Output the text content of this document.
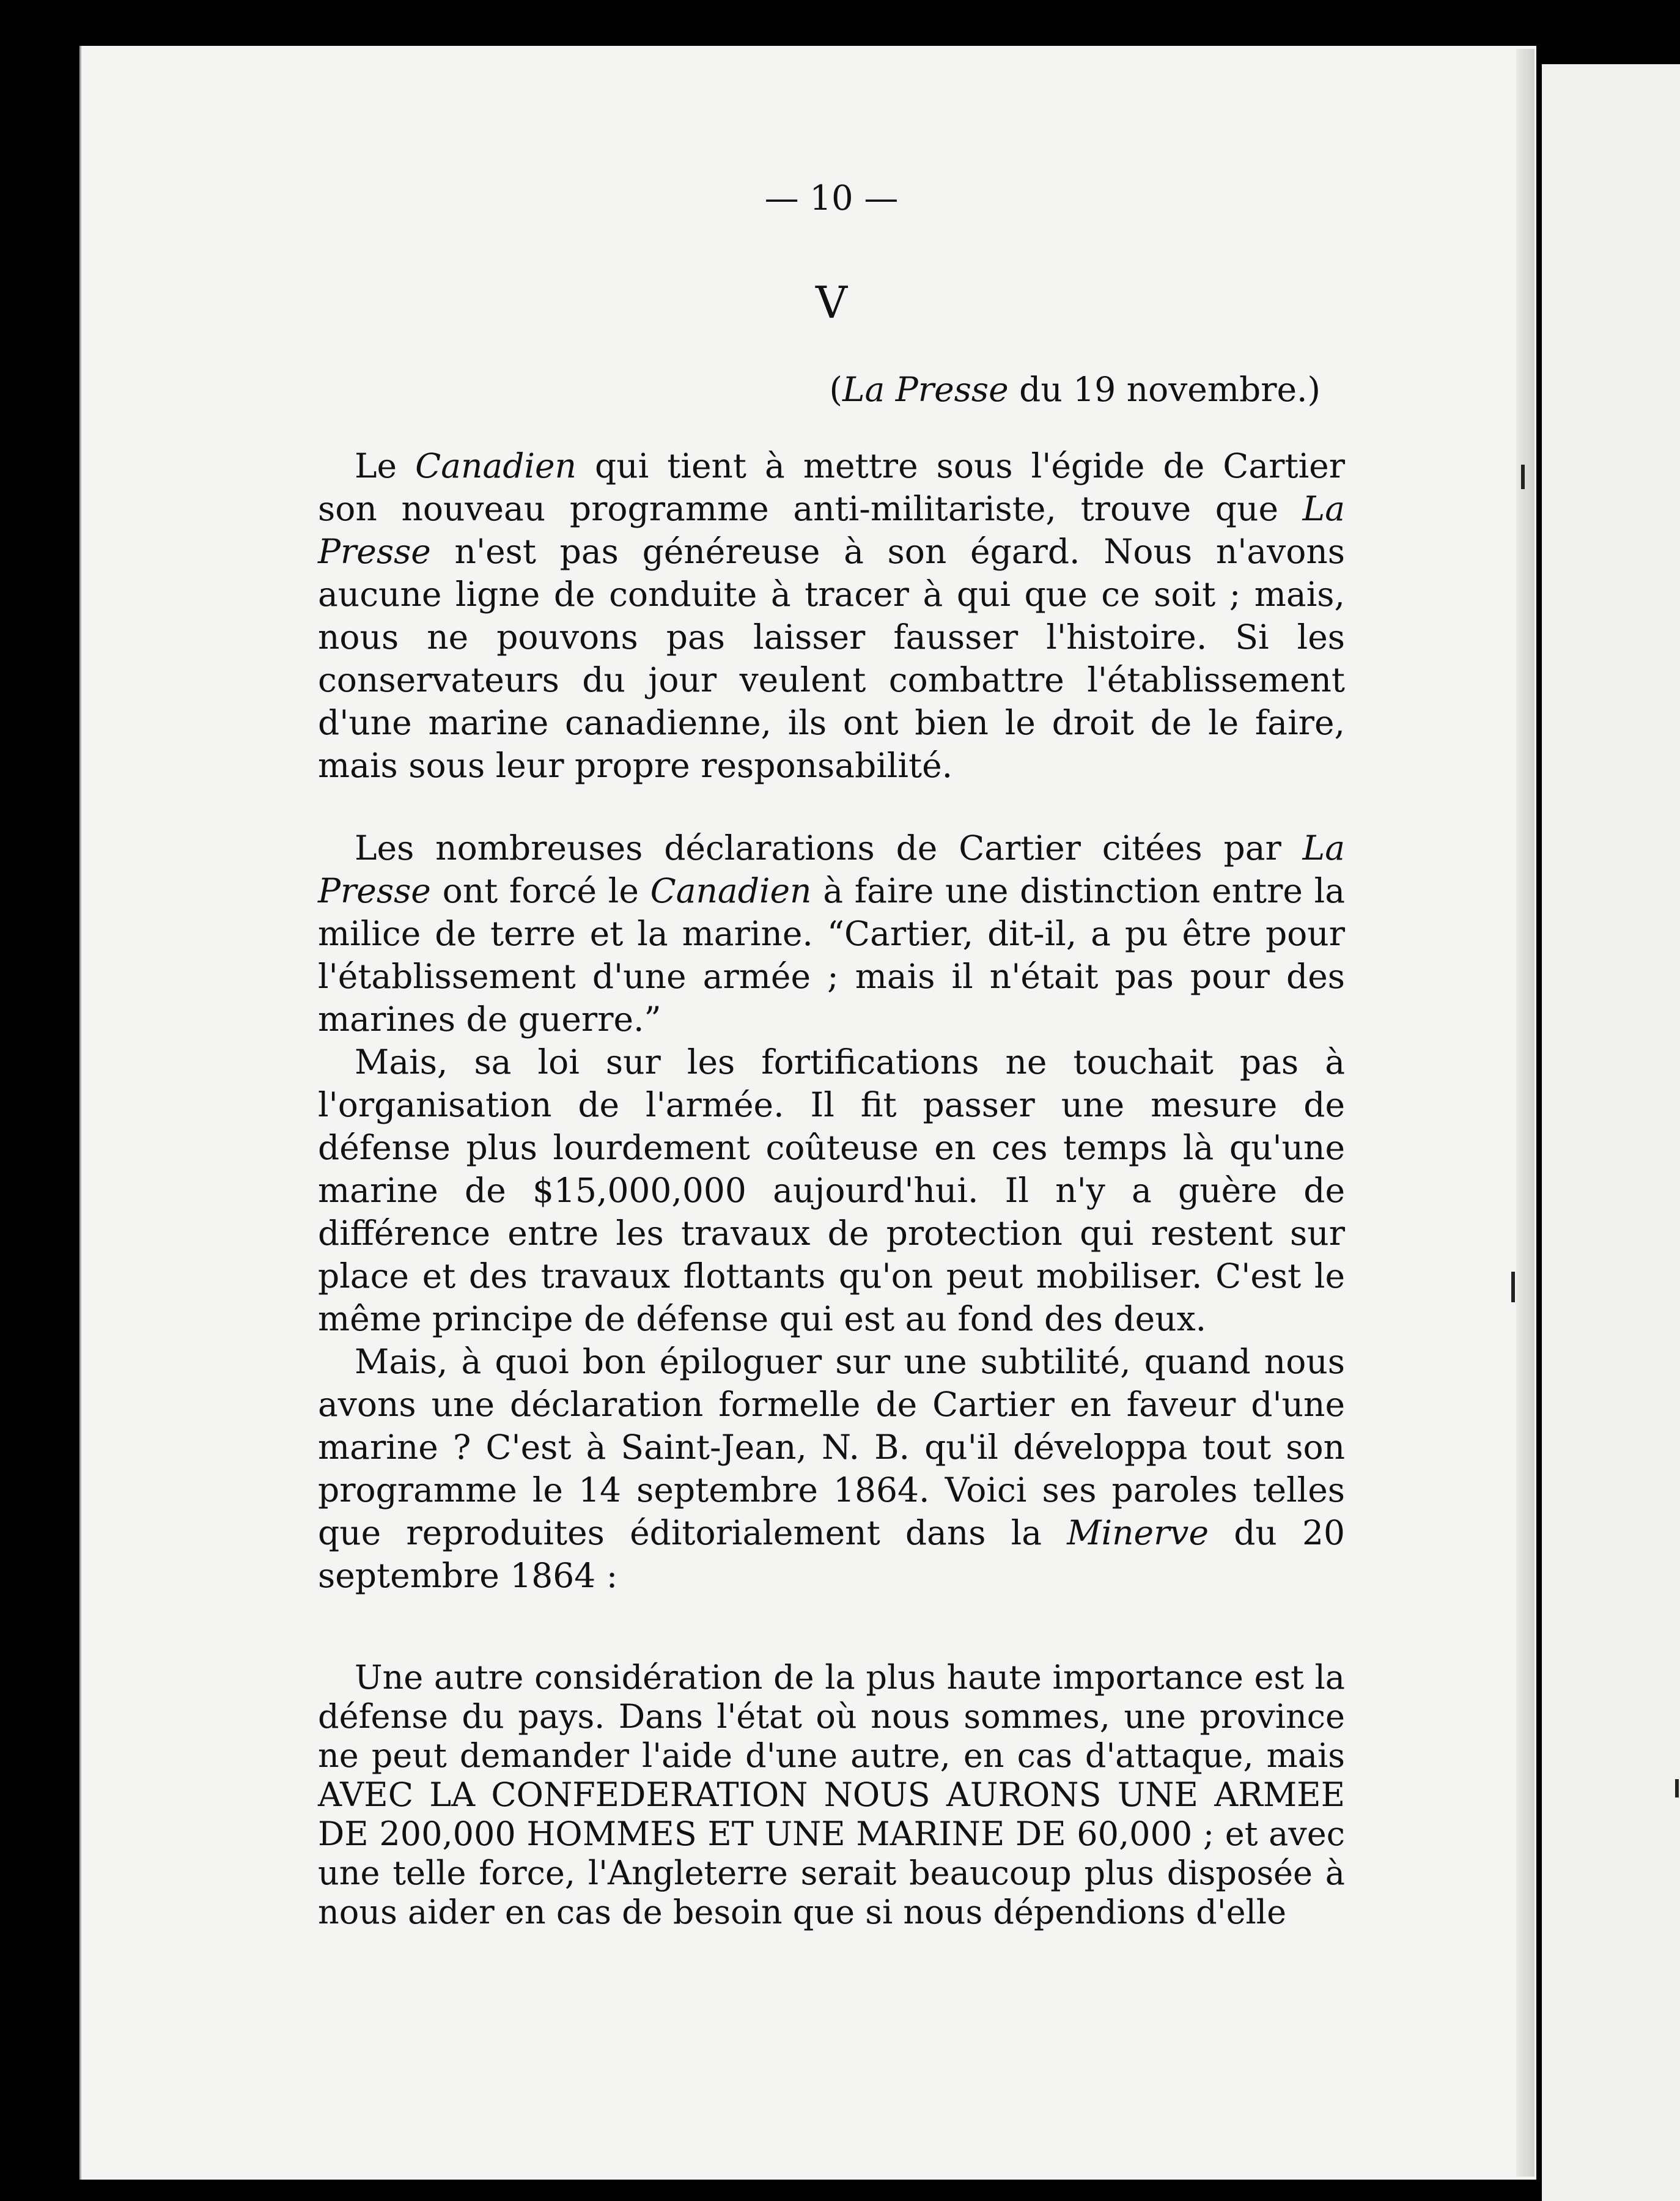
— 10 —
V
(La Presse du 19 novembre.)

Le Canadien qui tient à mettre sous l'égide de Cartier son nouveau programme anti-militariste, trouve que La Presse n'est pas généreuse à son égard. Nous n'avons aucune ligne de conduite à tracer à qui que ce soit ; mais, nous ne pouvons pas laisser fausser l'histoire. Si les conservateurs du jour veulent combattre l'établissement d'une marine canadienne, ils ont bien le droit de le faire, mais sous leur propre responsabilité.

Les nombreuses déclarations de Cartier citées par La Presse ont forcé le Canadien à faire une distinction entre la milice de terre et la marine. “Cartier, dit-il, a pu être pour l'établissement d'une armée ; mais il n'était pas pour des marines de guerre.”

Mais, sa loi sur les fortifications ne touchait pas à l'organisation de l'armée. Il fit passer une mesure de défense plus lourdement coûteuse en ces temps là qu'une marine de $15,000,000 aujourd'hui. Il n'y a guère de différence entre les travaux de protection qui restent sur place et des travaux flottants qu'on peut mobiliser. C'est le même principe de défense qui est au fond des deux.

Mais, à quoi bon épiloguer sur une subtilité, quand nous avons une déclaration formelle de Cartier en faveur d'une marine ? C'est à Saint-Jean, N. B. qu'il développa tout son programme le 14 septembre 1864. Voici ses paroles telles que reproduites éditorialement dans la Minerve du 20 septembre 1864 :

Une autre considération de la plus haute importance est la défense du pays. Dans l'état où nous sommes, une province ne peut demander l'aide d'une autre, en cas d'attaque, mais AVEC LA CONFEDERATION NOUS AURONS UNE ARMEE DE 200,000 HOMMES ET UNE MARINE DE 60,000 ; et avec une telle force, l'Angleterre serait beaucoup plus disposée à nous aider en cas de besoin que si nous dépendions d'elle
